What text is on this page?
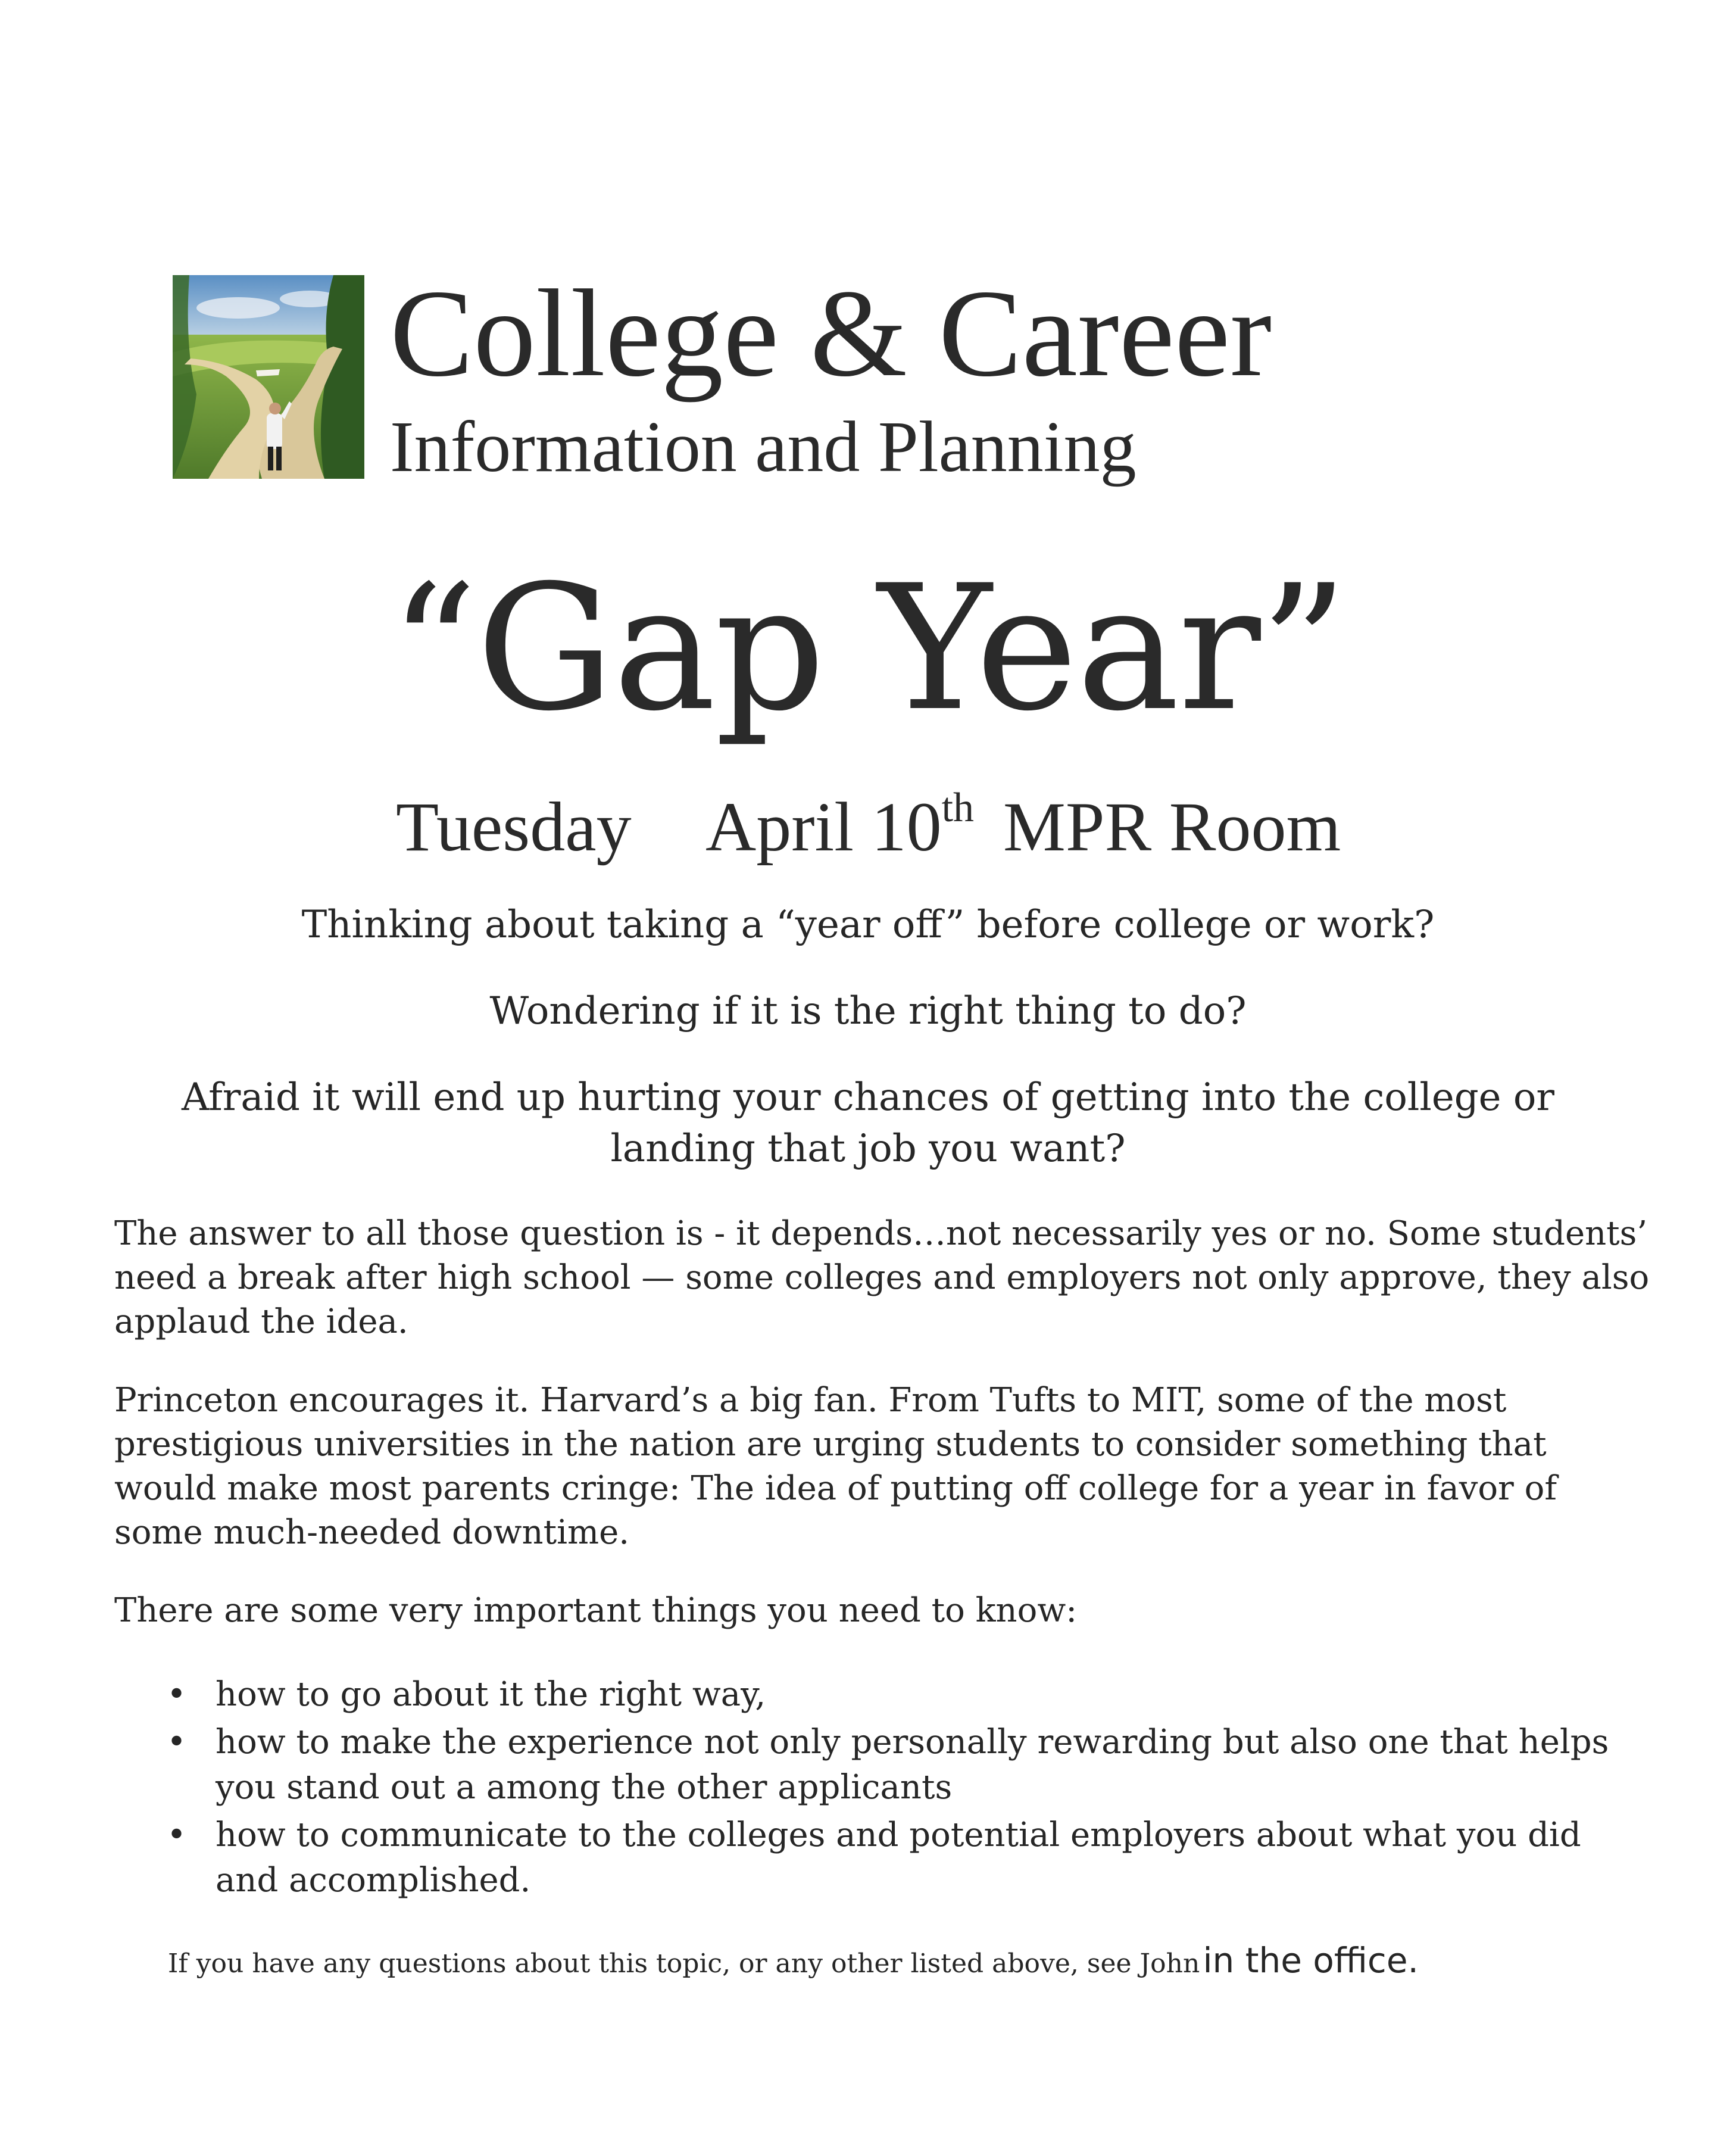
College & Career
Information and Planning
“Gap Year”
Tuesday April 10th MPR Room
Thinking about taking a “year off” before college or work?
Wondering if it is the right thing to do?
Afraid it will end up hurting your chances of getting into the college or landing that job you want?
The answer to all those question is - it depends…not necessarily yes or no. Some students’ need a break after high school — some colleges and employers not only approve, they also applaud the idea.
Princeton encourages it. Harvard’s a big fan. From Tufts to MIT, some of the most prestigious universities in the nation are urging students to consider something that would make most parents cringe: The idea of putting off college for a year in favor of some much-needed downtime.
There are some very important things you need to know:
• how to go about it the right way,
• how to make the experience not only personally rewarding but also one that helps you stand out a among the other applicants
• how to communicate to the colleges and potential employers about what you did and accomplished.
If you have any questions about this topic, or any other listed above, see John in the office.
